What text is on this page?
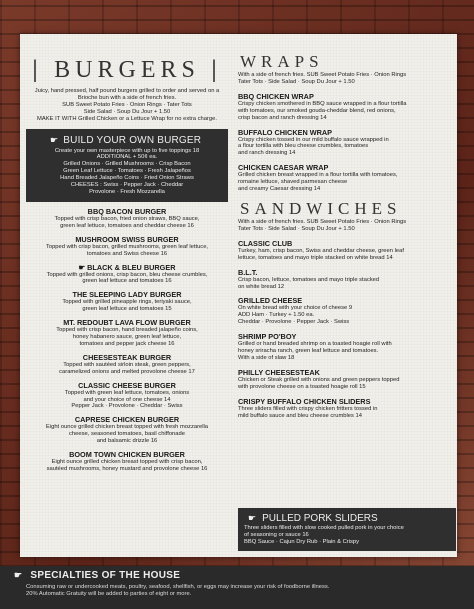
| BURGERS |
Juicy, hand pressed, half pound burgers grilled to order and served on a
Brioche bun with a side of french fries.
SUB Sweet Potato Fries · Onion Rings · Tater Tots
Side Salad · Soup Du Jour + 1.50
MAKE IT WITH Grilled Chicken or a Lettuce Wrap for no extra charge.
☛ BUILD YOUR OWN BURGER
Create your own masterpiece with up to five toppings 18
ADDITIONAL + 50¢ ea.
Grilled Onions · Grilled Mushrooms · Crisp Bacon
Green Leaf Lettuce · Tomatoes · Fresh Jalapeños
Hand Breaded Jalapeño Coins · Fried Onion Straws
CHEESES : Swiss · Pepper Jack · Cheddar
Provolone · Fresh Mozzarella
BBQ BACON BURGER
Topped with crisp bacon, fried onion straws, BBQ sauce,
green leaf lettuce, tomatoes and cheddar cheese 16
MUSHROOM SWISS BURGER
Topped with crisp bacon, grilled mushrooms, green leaf lettuce,
tomatoes and Swiss cheese 16
☛ BLACK & BLEU BURGER
Topped with grilled onions, crisp bacon, bleu cheese crumbles,
green leaf lettuce and tomatoes 16
THE SLEEPING LADY BURGER
Topped with grilled pineapple rings, teriyaki sauce,
green leaf lettuce and tomatoes 15
MT. REDOUBT LAVA FLOW BURGER
Topped with crisp bacon, hand breaded jalapeño coins,
honey habanero sauce, green leaf lettuce,
tomatoes and pepper jack cheese 16
CHEESESTEAK BURGER
Topped with sautéed sirloin steak, green peppers,
caramelized onions and melted provolone cheese 17
CLASSIC CHEESE BURGER
Topped with green leaf lettuce, tomatoes, onions
and your choice of one cheese 14
Pepper Jack · Provolone · Cheddar · Swiss
CAPRESE CHICKEN BURGER
Eight ounce grilled chicken breast topped with fresh mozzarella
cheese, seasoned tomatoes, basil chiffonade
and balsamic drizzle 16
BOOM TOWN CHICKEN BURGER
Eight ounce grilled chicken breast topped with crisp bacon,
sautéed mushrooms, honey mustard and provolone cheese 16
WRAPS
With a side of french fries. SUB Sweet Potato Fries · Onion Rings
Tater Tots · Side Salad · Soup Du Jour + 1.50
BBQ CHICKEN WRAP
Crispy chicken smothered in BBQ sauce wrapped in a flour tortilla
with tomatoes, our smoked gouda-cheddar blend, red onions,
crisp bacon and ranch dressing 14
BUFFALO CHICKEN WRAP
Crispy chicken tossed in our mild buffalo sauce wrapped in
a flour tortilla with bleu cheese crumbles, tomatoes
and ranch dressing 14
CHICKEN CAESAR WRAP
Grilled chicken breast wrapped in a flour tortilla with tomatoes,
romaine lettuce, shaved parmesan cheese
and creamy Caesar dressing 14
SANDWICHES
With a side of french fries. SUB Sweet Potato Fries · Onion Rings
Tater Tots · Side Salad · Soup Du Jour + 1.50
CLASSIC CLUB
Turkey, ham, crisp bacon, Swiss and cheddar cheese, green leaf
lettuce, tomatoes and mayo triple stacked on white bread 14
B.L.T.
Crisp bacon, lettuce, tomatoes and mayo triple stacked
on white bread 12
GRILLED CHEESE
On white bread with your choice of cheese 9
ADD Ham · Turkey + 1.50 ea.
Cheddar · Provolone · Pepper Jack · Swiss
SHRIMP PO'BOY
Grilled or hand breaded shrimp on a toasted hoagie roll with
honey sriracha ranch, green leaf lettuce and tomatoes.
With a side of slaw 18
PHILLY CHEESESTEAK
Chicken or Steak grilled with onions and green peppers topped
with provolone cheese on a toasted hoagie roll 15
CRISPY BUFFALO CHICKEN SLIDERS
Three sliders filled with crispy chicken fritters tossed in
mild buffalo sauce and bleu cheese crumbles 14
☛ PULLED PORK SLIDERS
Three sliders filled with slow cooked pulled pork in your choice
of seasoning or sauce 16
BBQ Sauce · Cajun Dry Rub · Plain & Crispy
☛ SPECIALTIES OF THE HOUSE
Consuming raw or undercooked meats, poultry, seafood, shellfish, or eggs may increase your risk of foodborne illness.
20% Automatic Gratuity will be added to parties of eight or more.
